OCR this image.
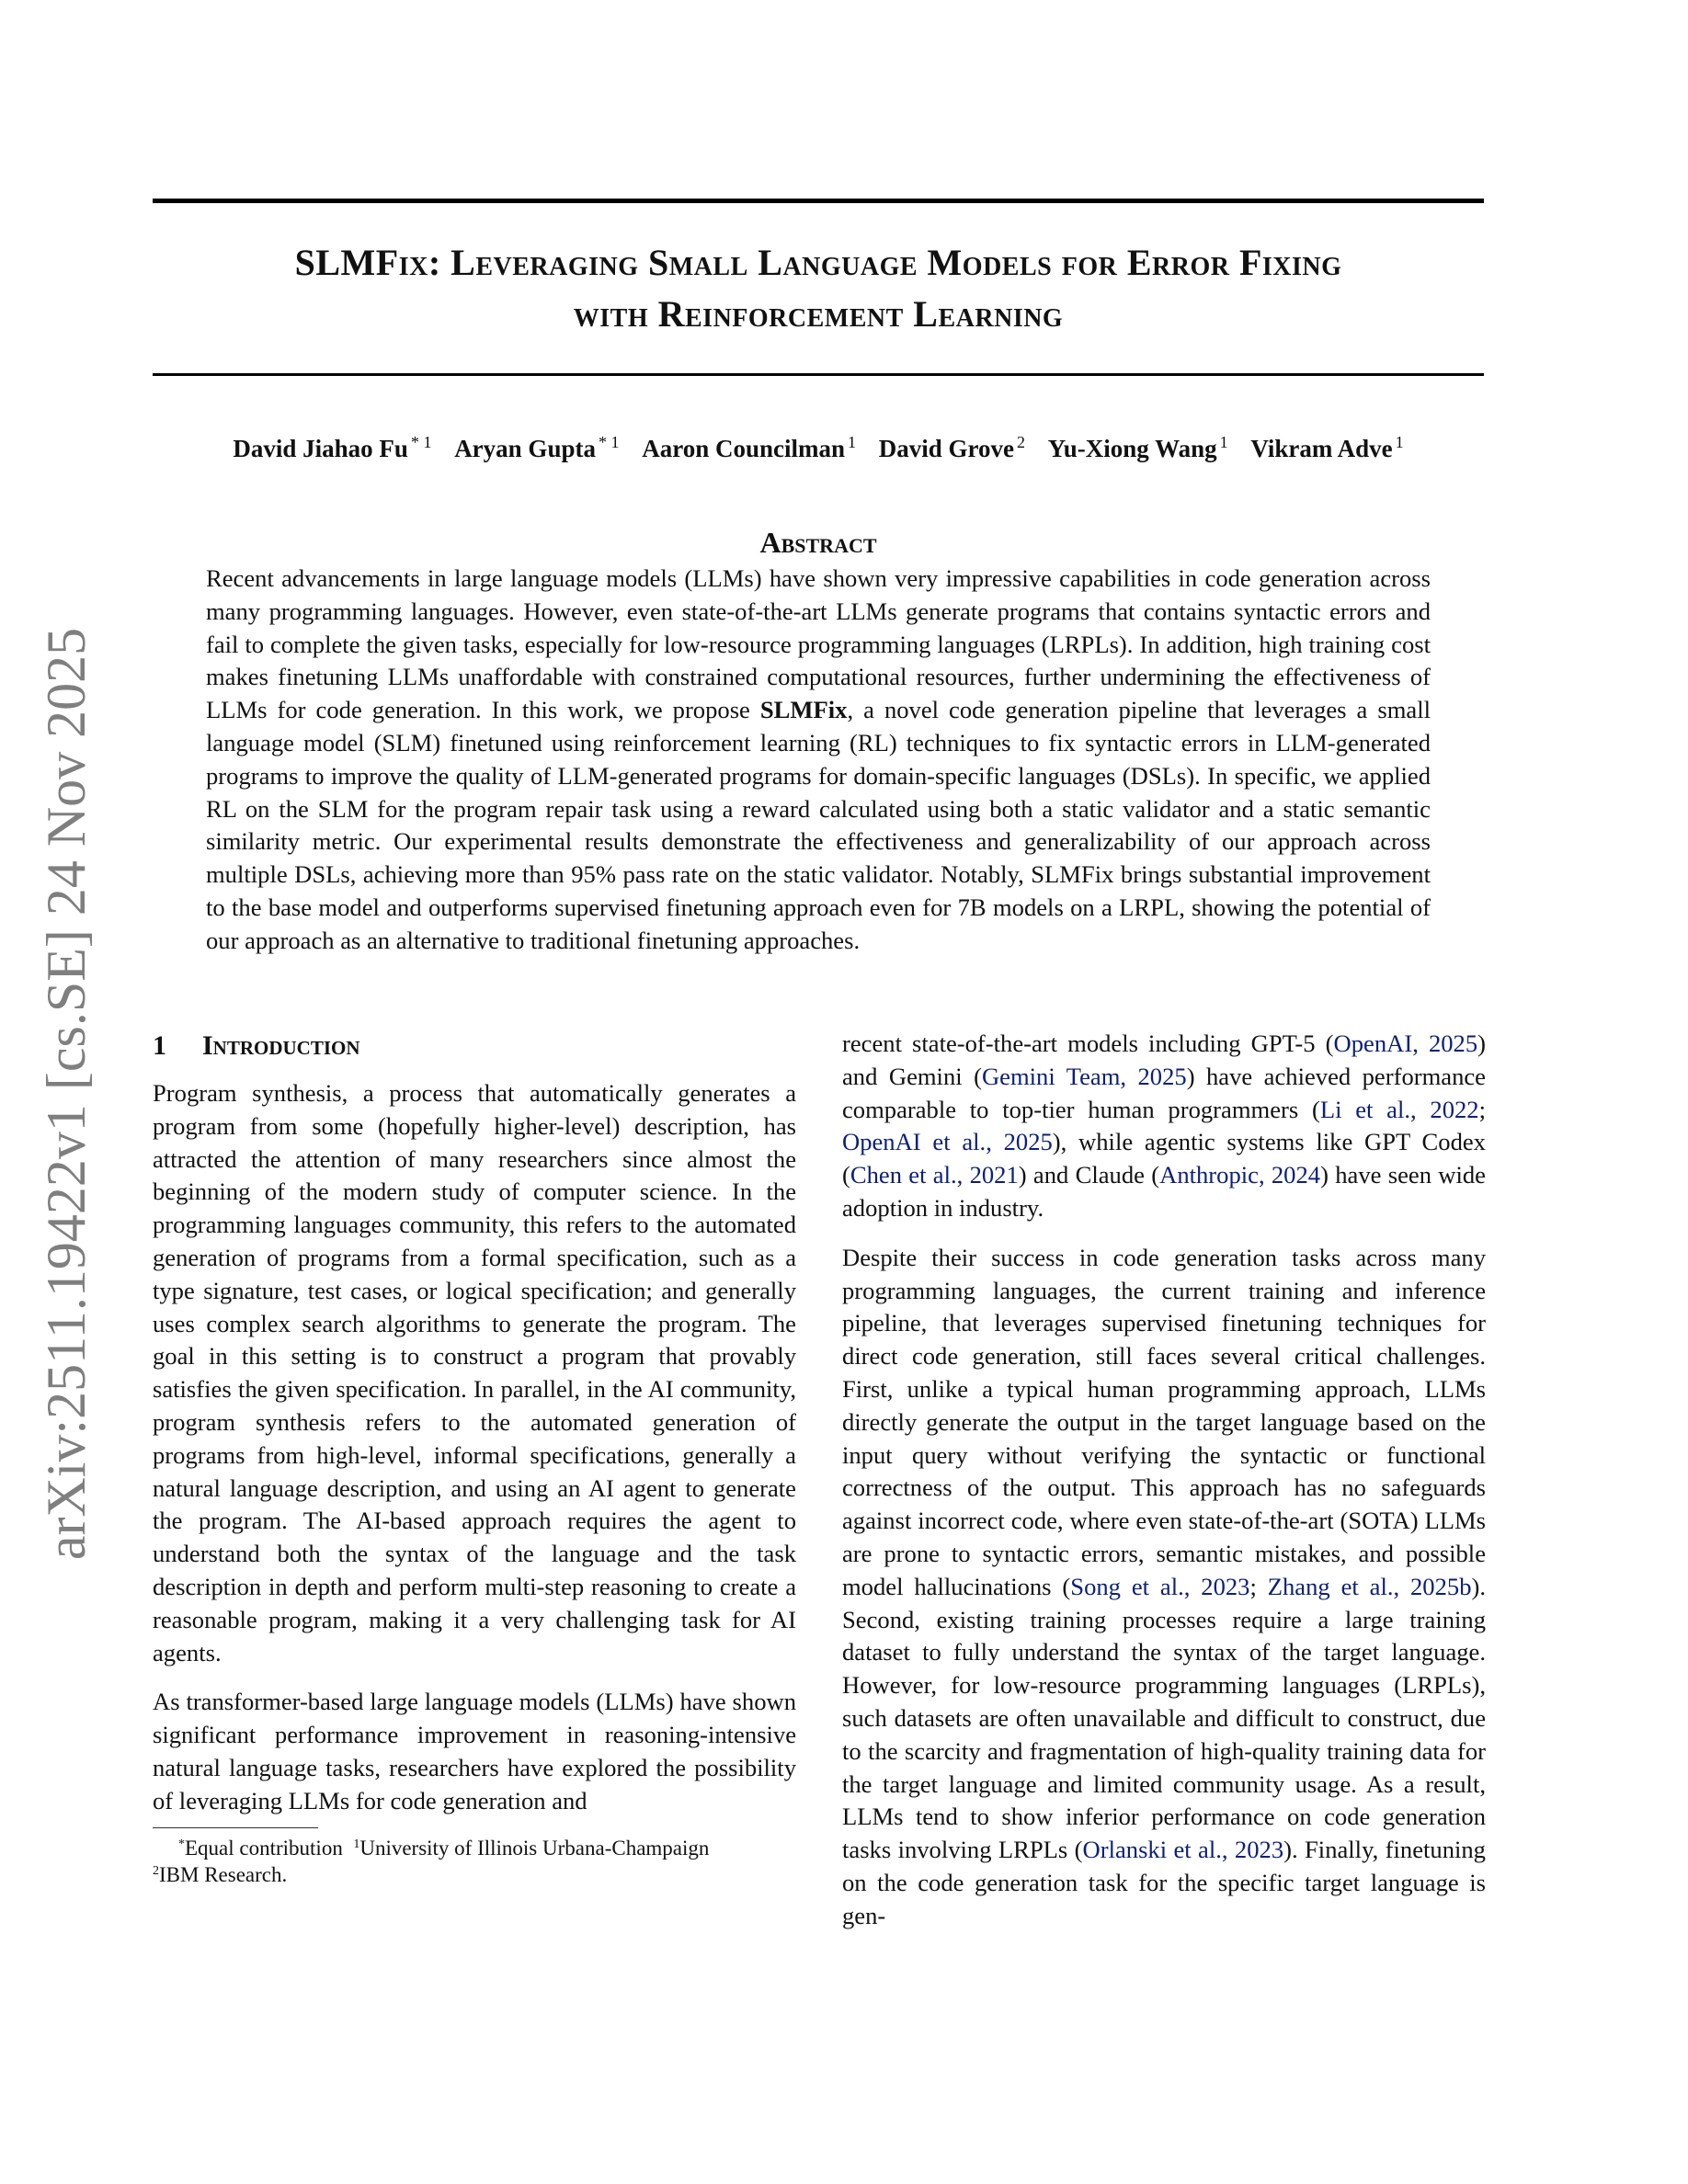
SLMFix: Leveraging Small Language Models for Error Fixing
with Reinforcement Learning
David Jiahao Fu $^{* 1}$ Aryan Gupta $^{* 1}$ Aaron Councilman $^1$ David Grove $^2$ Yu-Xiong Wang $^1$ Vikram Adve $^1$
arXiv:2511.19422v1 [cs.SE] 24 Nov 2025
Abstract
Recent advancements in large language models (LLMs) have shown very impressive capabilities in code generation across many programming languages. However, even state-of-the-art LLMs generate programs that contains syntactic errors and fail to complete the given tasks, especially for low-resource programming languages (LRPLs). In addition, high training cost makes finetuning LLMs unaffordable with constrained computational resources, further undermining the effectiveness of LLMs for code generation. In this work, we propose SLMFix, a novel code generation pipeline that leverages a small language model (SLM) finetuned using reinforcement learning (RL) techniques to fix syntactic errors in LLM-generated programs to improve the quality of LLM-generated programs for domain-specific languages (DSLs). In specific, we applied RL on the SLM for the program repair task using a reward calculated using both a static validator and a static semantic similarity metric. Our experimental results demonstrate the effectiveness and generalizability of our approach across multiple DSLs, achieving more than 95% pass rate on the static validator. Notably, SLMFix brings substantial improvement to the base model and outperforms supervised finetuning approach even for 7B models on a LRPL, showing the potential of our approach as an alternative to traditional finetuning approaches.
1 Introduction

Program synthesis, a process that automatically generates a program from some (hopefully higher-level) description, has attracted the attention of many researchers since almost the beginning of the modern study of computer science. In the programming languages community, this refers to the automated generation of programs from a formal specification, such as a type signature, test cases, or logical specification; and generally uses complex search algorithms to generate the program. The goal in this setting is to construct a program that provably satisfies the given specification. In parallel, in the AI community, program synthesis refers to the automated generation of programs from high-level, informal specifications, generally a natural language description, and using an AI agent to generate the program. The AI-based approach requires the agent to understand both the syntax of the language and the task description in depth and perform multi-step reasoning to create a reasonable program, making it a very challenging task for AI agents.

As transformer-based large language models (LLMs) have shown significant performance improvement in reasoning-intensive natural language tasks, researchers have explored the possibility of leveraging LLMs for code generation and

*Equal contribution $^1$University of Illinois Urbana-Champaign
$^2$IBM Research.

recent state-of-the-art models including GPT-5 (OpenAI, 2025) and Gemini (Gemini Team, 2025) have achieved performance comparable to top-tier human programmers (Li et al., 2022; OpenAI et al., 2025), while agentic systems like GPT Codex (Chen et al., 2021) and Claude (Anthropic, 2024) have seen wide adoption in industry.

Despite their success in code generation tasks across many programming languages, the current training and inference pipeline, that leverages supervised finetuning techniques for direct code generation, still faces several critical challenges. First, unlike a typical human programming approach, LLMs directly generate the output in the target language based on the input query without verifying the syntactic or functional correctness of the output. This approach has no safeguards against incorrect code, where even state-of-the-art (SOTA) LLMs are prone to syntactic errors, semantic mistakes, and possible model hallucinations (Song et al., 2023; Zhang et al., 2025b). Second, existing training processes require a large training dataset to fully understand the syntax of the target language. However, for low-resource programming languages (LRPLs), such datasets are often unavailable and difficult to construct, due to the scarcity and fragmentation of high-quality training data for the target language and limited community usage. As a result, LLMs tend to show inferior performance on code generation tasks involving LRPLs (Orlanski et al., 2023). Finally, finetuning on the code generation task for the specific target language is gen-
